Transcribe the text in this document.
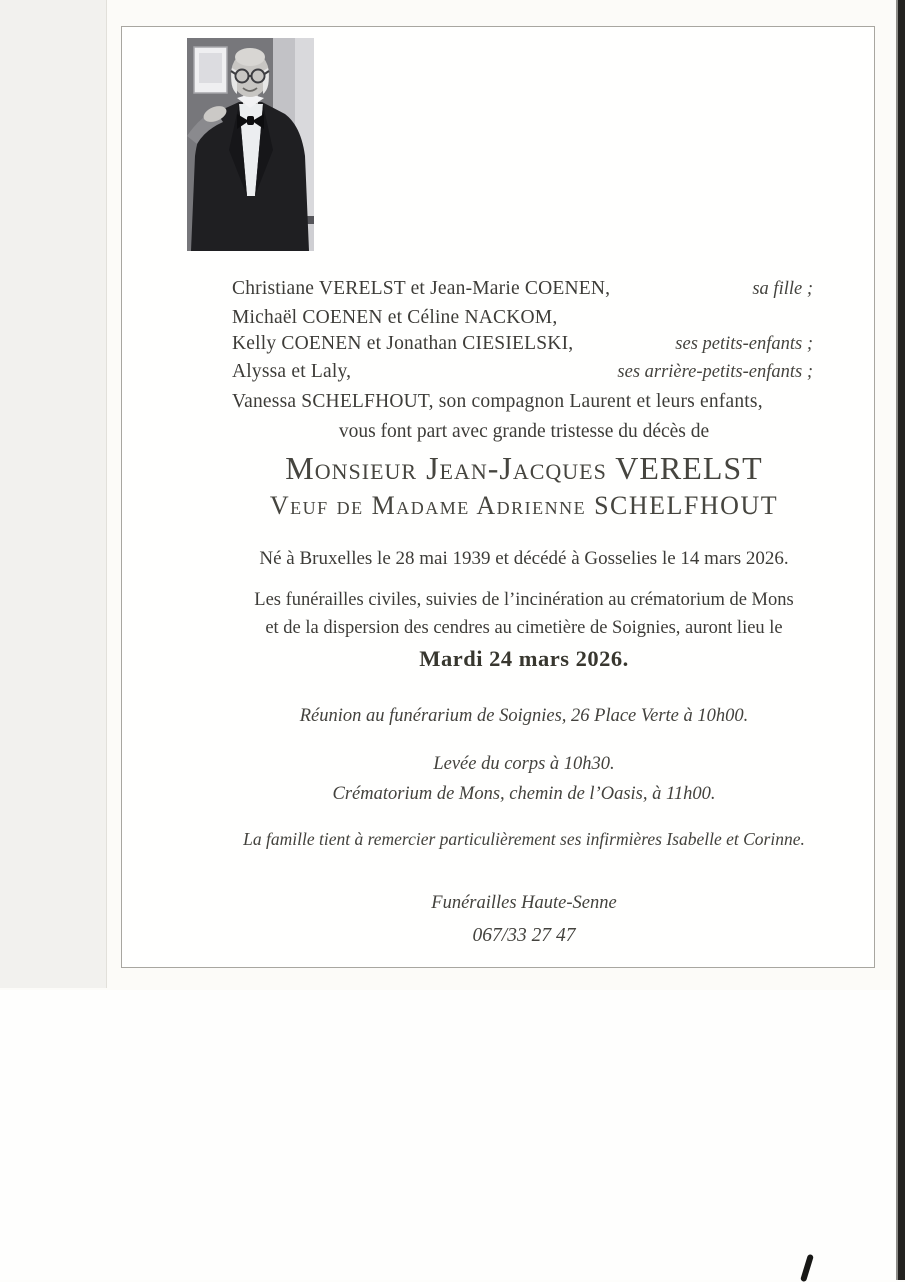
Christiane VERELST et Jean-Marie COENEN,	sa fille ;
Michaël COENEN et Céline NACKOM,
Kelly COENEN et Jonathan CIESIELSKI,	ses petits-enfants ;
Alyssa et Laly,	ses arrière-petits-enfants ;
Vanessa SCHELFHOUT, son compagnon Laurent et leurs enfants,
vous font part avec grande tristesse du décès de
Monsieur Jean-Jacques VERELST
Veuf de Madame Adrienne SCHELFHOUT
Né à Bruxelles le 28 mai 1939 et décédé à Gosselies le 14 mars 2026.
Les funérailles civiles, suivies de l’incinération au crématorium de Mons
et de la dispersion des cendres au cimetière de Soignies, auront lieu le
Mardi 24 mars 2026.
Réunion au funérarium de Soignies, 26 Place Verte à 10h00.
Levée du corps à 10h30.
Crématorium de Mons, chemin de l’Oasis, à 11h00.
La famille tient à remercier particulièrement ses infirmières Isabelle et Corinne.
Funérailles Haute-Senne
067/33 27 47
